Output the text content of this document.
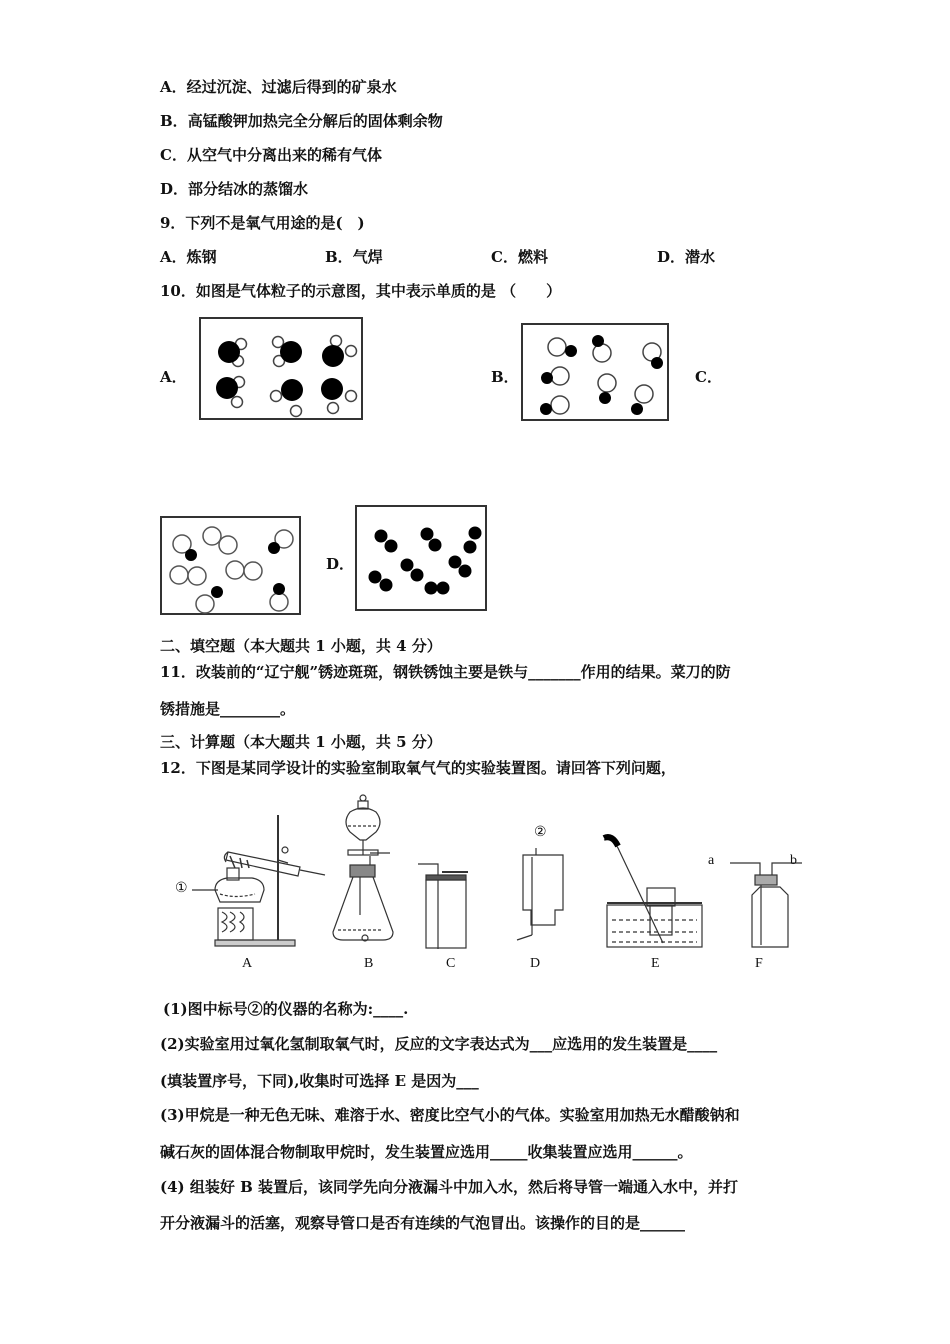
A．经过沉淀、过滤后得到的矿泉水
B．高锰酸钾加热完全分解后的固体剩余物
C．从空气中分离出来的稀有气体
D．部分结冰的蒸馏水
9．下列不是氧气用途的是(　)
A．炼钢	B．气焊	C．燃料	D．潜水
10．如图是气体粒子的示意图，其中表示单质的是 （　　）
A．	B．	C．
D．
二、填空题（本大题共 1 小题，共 4 分）
11．改装前的“辽宁舰”锈迹斑斑，钢铁锈蚀主要是铁与_______作用的结果。菜刀的防
锈措施是________。
三、计算题（本大题共 1 小题，共 5 分）
12．下图是某同学设计的实验室制取氧气气的实验装置图。请回答下列问题，
①
②
a	b
A	B	C	D	E	F
(1)图中标号②的仪器的名称为:____.
(2)实验室用过氧化氢制取氧气时，反应的文字表达式为___应选用的发生装置是____
(填装置序号，下同),收集时可选择 E 是因为___
(3)甲烷是一种无色无味、难溶于水、密度比空气小的气体。实验室用加热无水醋酸钠和
碱石灰的固体混合物制取甲烷时，发生装置应选用_____收集装置应选用______。
(4) 组装好 B 装置后，该同学先向分液漏斗中加入水，然后将导管一端通入水中，并打
开分液漏斗的活塞，观察导管口是否有连续的气泡冒出。该操作的目的是______
